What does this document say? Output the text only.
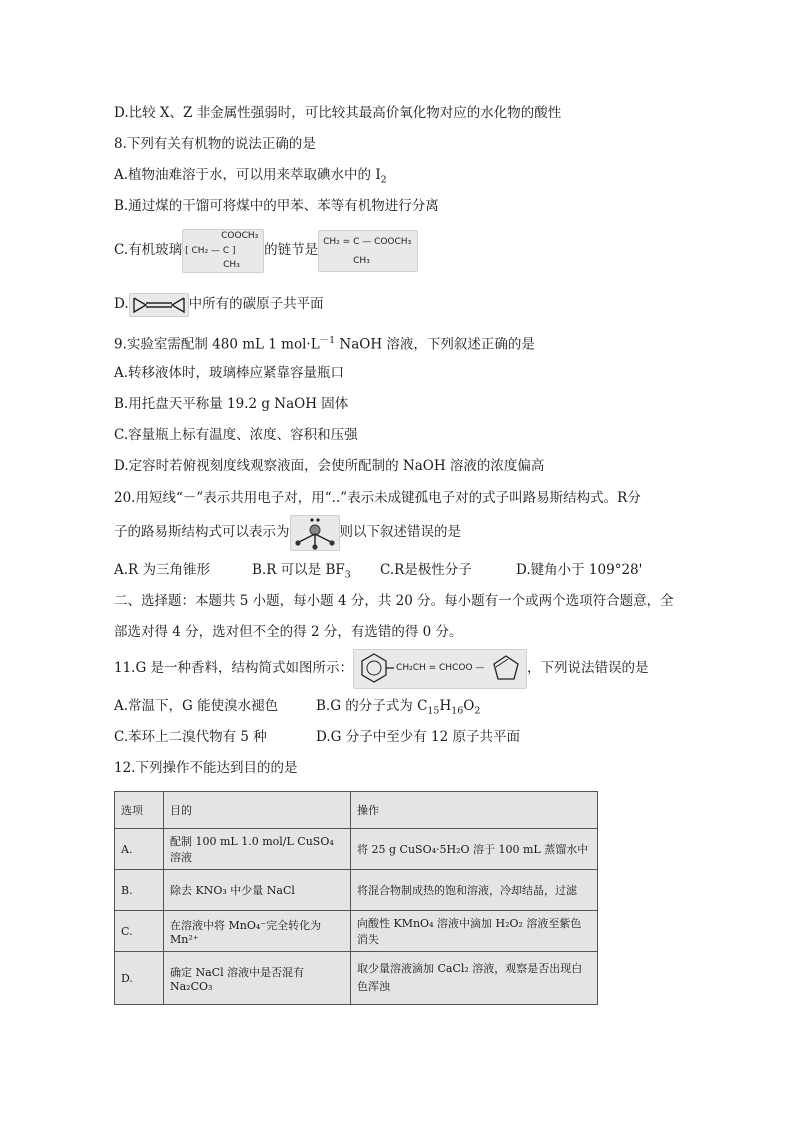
D.比较 X、Z 非金属性强弱时，可比较其最高价氧化物对应的水化物的酸性
8.下列有关有机物的说法正确的是
A.植物油难溶于水，可以用来萃取碘水中的 $I_2$
B.通过煤的干馏可将煤中的甲苯、苯等有机物进行分离
C.有机玻璃
COOCH₃
[ CH₂ — C ]
CH₃
的链节是
CH₂ = C — COOCH₃
CH₃
D.	中所有的碳原子共平面
9.实验室需配制 480 mL 1 $mol\cdot L^{-1}$ NaOH 溶液，下列叙述正确的是
A.转移液体时，玻璃棒应紧靠容量瓶口
B.用托盘天平称量 19.2 g NaOH 固体
C.容量瓶上标有温度、浓度、容积和压强
D.定容时若俯视刻度线观察液面，会使所配制的 NaOH 溶液的浓度偏高
20.用短线“－”表示共用电子对，用“..”表示未成键孤电子对的式子叫路易斯结构式。R分
子的路易斯结构式可以表示为	则以下叙述错误的是
A.R 为三角锥形	B.R 可以是 $BF_3$ C.R是极性分子	D.键角小于 109°28'
二、选择题：本题共 5 小题，每小题 4 分，共 20 分。每小题有一个或两个选项符合题意，全
部选对得 4 分，选对但不全的得 2 分，有选错的得 0 分。
11.G 是一种香料，结构简式如图所示：	CH₂CH = CHCOO —	，下列说法错误的是
A.常温下，G 能使溴水褪色	B.G 的分子式为 $C_{15}H_{16}O_2$
C.苯环上二溴代物有 5 种	D.G 分子中至少有 12 原子共平面
12.下列操作不能达到目的的是
选项	目的	操作
A.	配制 100 mL 1.0 mol/L CuSO₄ 溶液	将 25 g CuSO₄·5H₂O 溶于 100 mL 蒸馏水中
B.	除去 KNO₃ 中少量 NaCl	将混合物制成热的饱和溶液，冷却结晶，过滤
C.	在溶液中将 MnO₄⁻完全转化为 Mn²⁺	向酸性 KMnO₄ 溶液中滴加 H₂O₂ 溶液至紫色消失
D.	确定 NaCl 溶液中是否混有 Na₂CO₃	取少量溶液滴加 CaCl₂ 溶液，观察是否出现白色浑浊
